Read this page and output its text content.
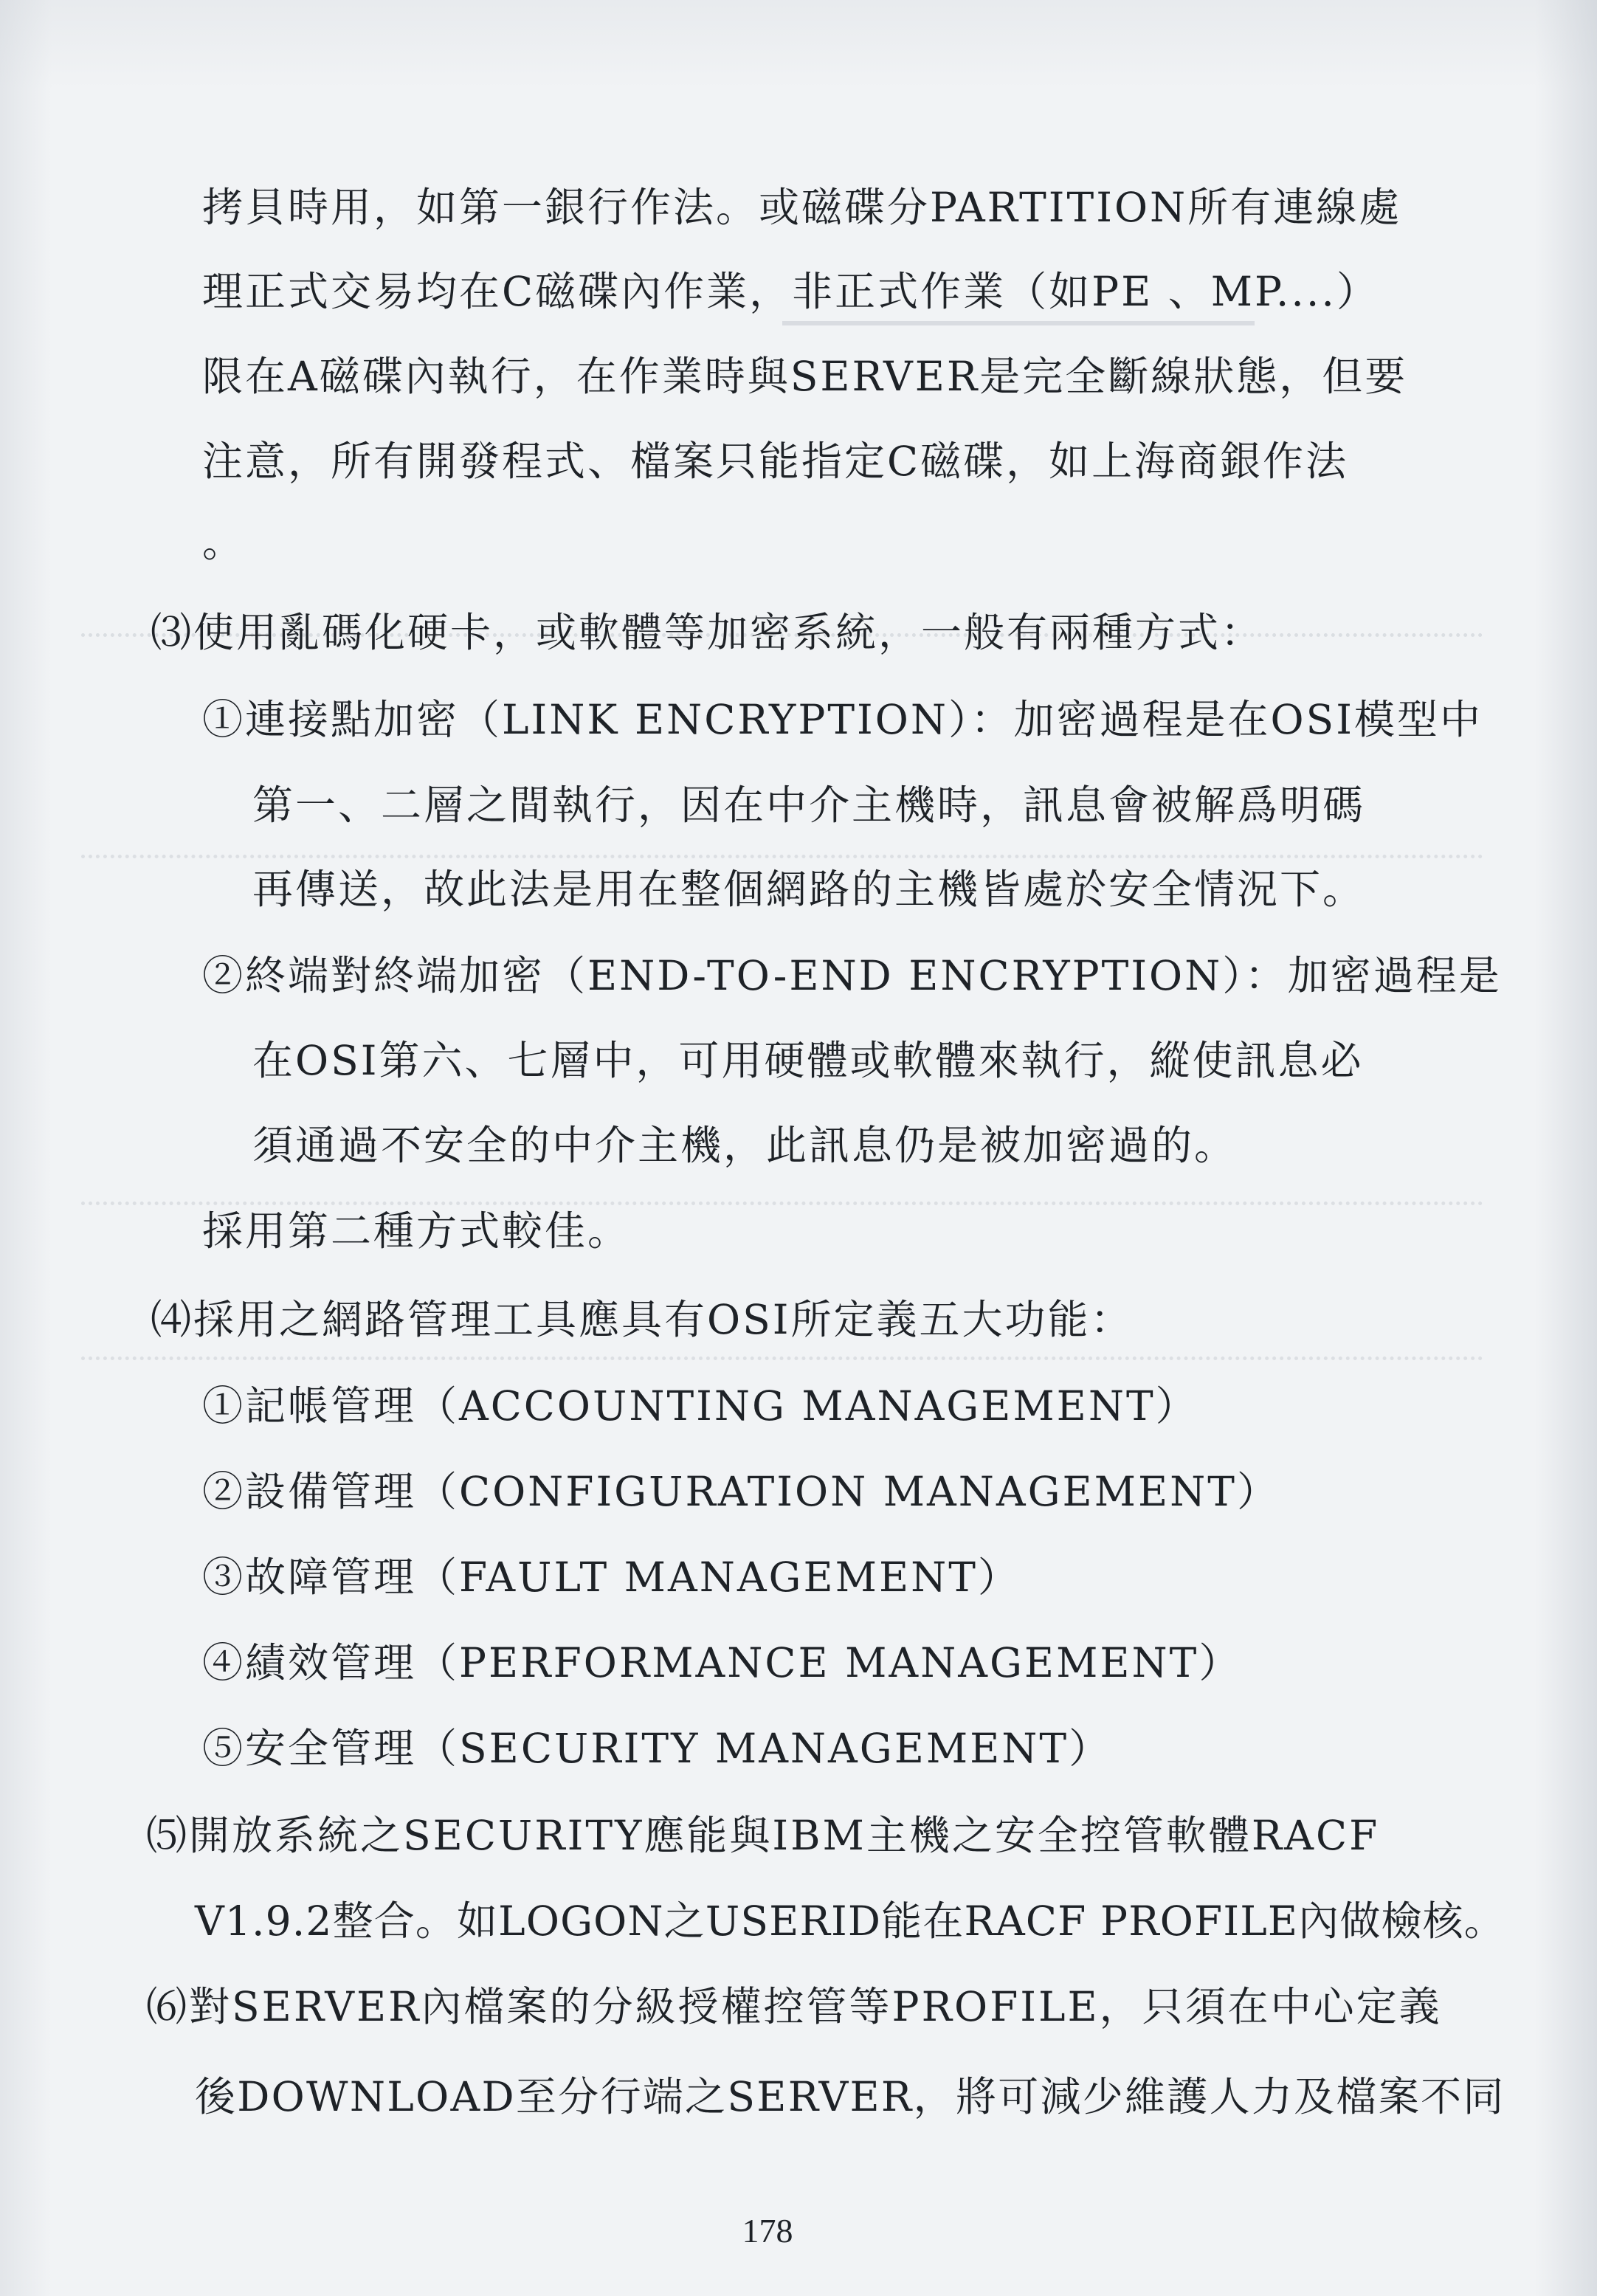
拷貝時用，如第一銀行作法。或磁碟分PARTITION所有連線處
理正式交易均在C磁碟內作業，非正式作業（如PE 、MP....）
限在A磁碟內執行，在作業時與SERVER是完全斷線狀態，但要
注意，所有開發程式、檔案只能指定C磁碟，如上海商銀作法
。
⑶使用亂碼化硬卡，或軟體等加密系統，一般有兩種方式：
①連接點加密（LINK ENCRYPTION）：加密過程是在OSI模型中
第一、二層之間執行，因在中介主機時，訊息會被解爲明碼
再傳送，故此法是用在整個網路的主機皆處於安全情況下。
②終端對終端加密（END-TO-END ENCRYPTION）：加密過程是
在OSI第六、七層中，可用硬體或軟體來執行，縱使訊息必
須通過不安全的中介主機，此訊息仍是被加密過的。
採用第二種方式較佳。
⑷採用之網路管理工具應具有OSI所定義五大功能：
①記帳管理（ACCOUNTING MANAGEMENT）
②設備管理（CONFIGURATION MANAGEMENT）
③故障管理（FAULT MANAGEMENT）
④績效管理（PERFORMANCE MANAGEMENT）
⑤安全管理（SECURITY MANAGEMENT）
⑸開放系統之SECURITY應能與IBM主機之安全控管軟體RACF
V1.9.2整合。如LOGON之USERID能在RACF PROFILE內做檢核。
⑹對SERVER內檔案的分級授權控管等PROFILE，只須在中心定義
後DOWNLOAD至分行端之SERVER，將可減少維護人力及檔案不同
178
